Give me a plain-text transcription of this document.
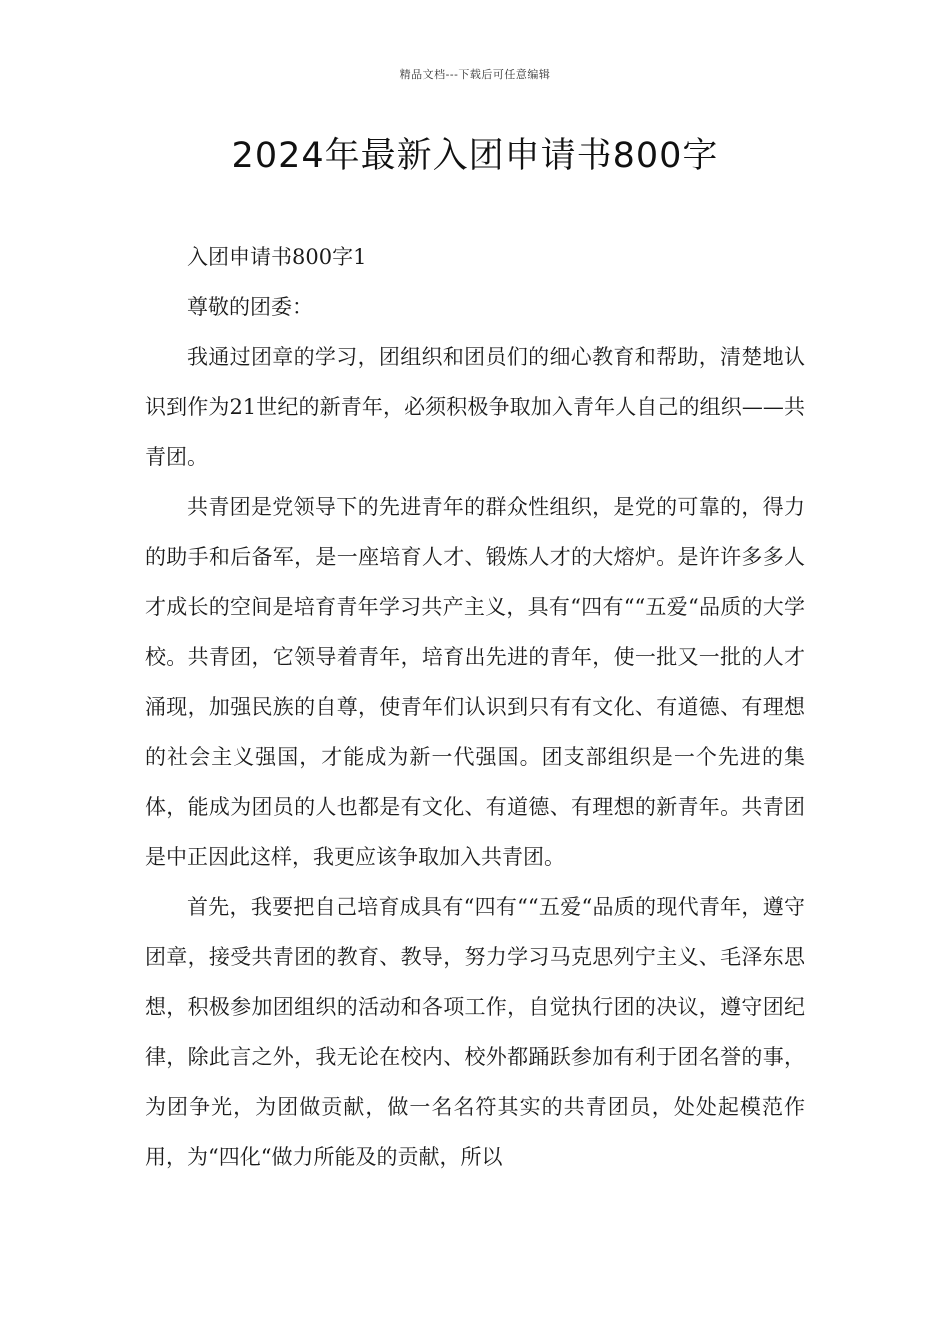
精品文档---下载后可任意编辑
2024年最新入团申请书800字

入团申请书800字1

尊敬的团委：

我通过团章的学习，团组织和团员们的细心教育和帮助，清楚地认识到作为21世纪的新青年，必须积极争取加入青年人自己的组织——共青团。

共青团是党领导下的先进青年的群众性组织，是党的可靠的，得力的助手和后备军，是一座培育人才、锻炼人才的大熔炉。是许许多多人才成长的空间是培育青年学习共产主义，具有“四有““五爱“品质的大学校。共青团，它领导着青年，培育出先进的青年，使一批又一批的人才涌现，加强民族的自尊，使青年们认识到只有有文化、有道德、有理想的社会主义强国，才能成为新一代强国。团支部组织是一个先进的集体，能成为团员的人也都是有文化、有道德、有理想的新青年。共青团是中正因此这样，我更应该争取加入共青团。

首先，我要把自己培育成具有“四有““五爱“品质的现代青年，遵守团章，接受共青团的教育、教导，努力学习马克思列宁主义、毛泽东思想，积极参加团组织的活动和各项工作，自觉执行团的决议，遵守团纪律，除此言之外，我无论在校内、校外都踊跃参加有利于团名誉的事，为团争光，为团做贡献，做一名名符其实的共青团员，处处起模范作用，为“四化“做力所能及的贡献，所以
